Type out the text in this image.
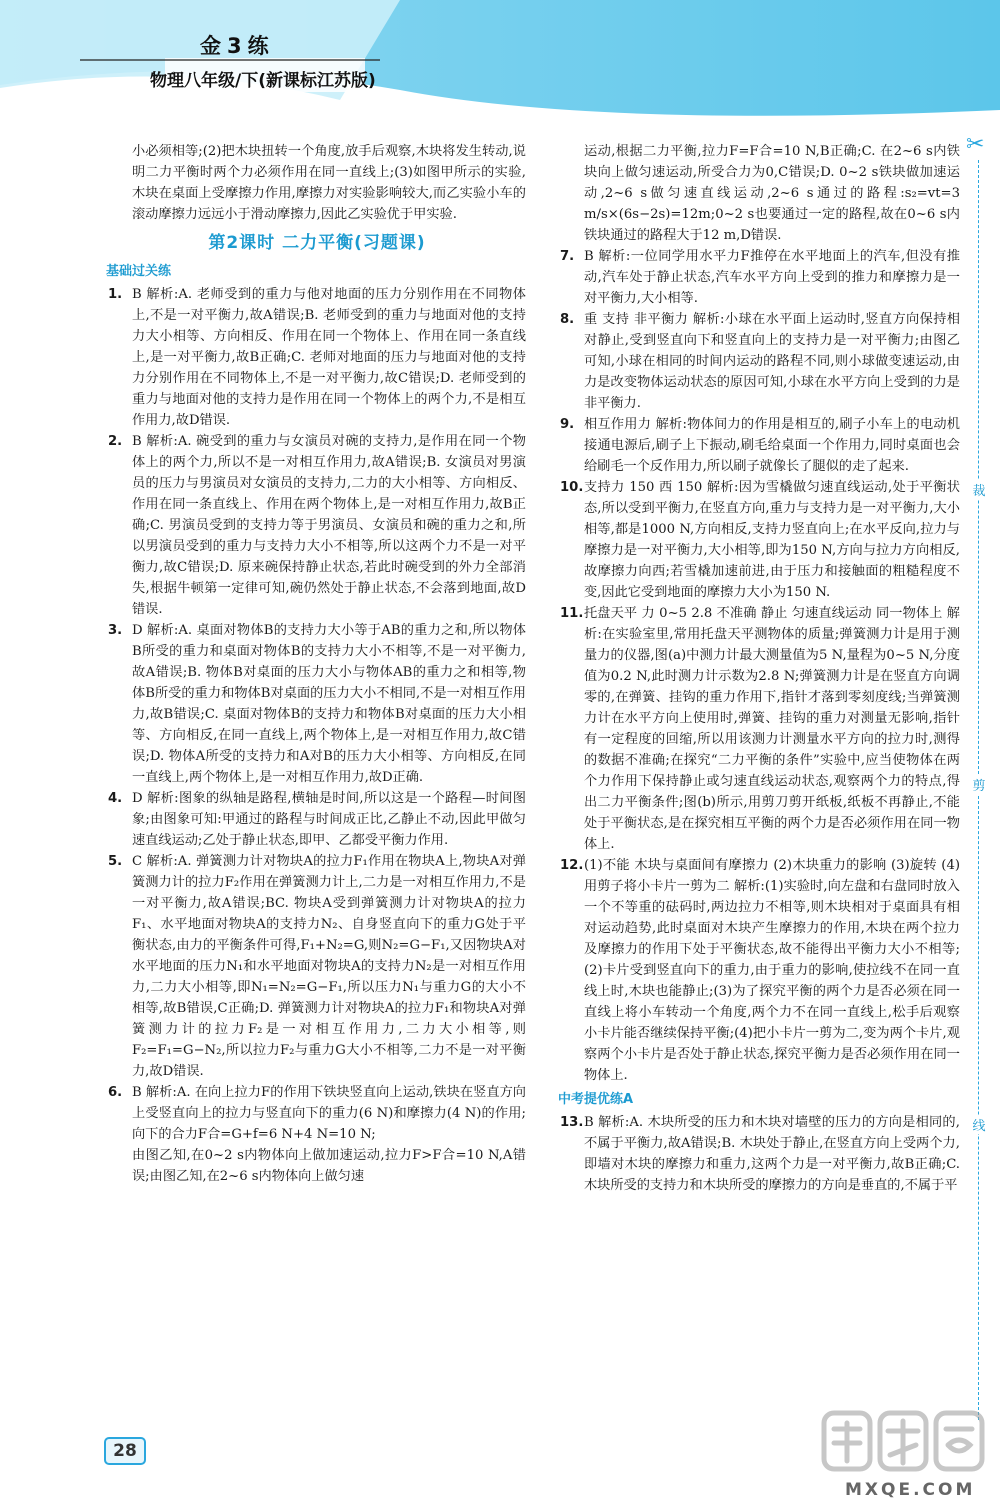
金3练
物理八年级/下(新课标江苏版)

小必须相等;(2)把木块扭转一个角度,放手后观察,木块将发生转动,说明二力平衡时两个力必须作用在同一直线上;(3)如图甲所示的实验,木块在桌面上受摩擦力作用,摩擦力对实验影响较大,而乙实验小车的滚动摩擦力远远小于滑动摩擦力,因此乙实验优于甲实验.

第2课时 二力平衡(习题课)
基础过关练

1. B 解析:A. 老师受到的重力与他对地面的压力分别作用在不同物体上,不是一对平衡力,故A错误;B. 老师受到的重力与地面对他的支持力大小相等、方向相反、作用在同一个物体上、作用在同一条直线上,是一对平衡力,故B正确;C. 老师对地面的压力与地面对他的支持力分别作用在不同物体上,不是一对平衡力,故C错误;D. 老师受到的重力与地面对他的支持力是作用在同一个物体上的两个力,不是相互作用力,故D错误.

2. B 解析:A. 碗受到的重力与女演员对碗的支持力,是作用在同一个物体上的两个力,所以不是一对相互作用力,故A错误;B. 女演员对男演员的压力与男演员对女演员的支持力,二力的大小相等、方向相反、作用在同一条直线上、作用在两个物体上,是一对相互作用力,故B正确;C. 男演员受到的支持力等于男演员、女演员和碗的重力之和,所以男演员受到的重力与支持力大小不相等,所以这两个力不是一对平衡力,故C错误;D. 原来碗保持静止状态,若此时碗受到的外力全部消失,根据牛顿第一定律可知,碗仍然处于静止状态,不会落到地面,故D错误.

3. D 解析:A. 桌面对物体B的支持力大小等于AB的重力之和,所以物体B所受的重力和桌面对物体B的支持力大小不相等,不是一对平衡力,故A错误;B. 物体B对桌面的压力大小与物体AB的重力之和相等,物体B所受的重力和物体B对桌面的压力大小不相同,不是一对相互作用力,故B错误;C. 桌面对物体B的支持力和物体B对桌面的压力大小相等、方向相反,在同一直线上,两个物体上,是一对相互作用力,故C错误;D. 物体A所受的支持力和A对B的压力大小相等、方向相反,在同一直线上,两个物体上,是一对相互作用力,故D正确.

4. D 解析:图象的纵轴是路程,横轴是时间,所以这是一个路程—时间图象;由图象可知:甲通过的路程与时间成正比,乙静止不动,因此甲做匀速直线运动;乙处于静止状态,即甲、乙都受平衡力作用.

5. C 解析:A. 弹簧测力计对物块A的拉力F₁作用在物块A上,物块A对弹簧测力计的拉力F₂作用在弹簧测力计上,二力是一对相互作用力,不是一对平衡力,故A错误;BC. 物块A受到弹簧测力计对物块A的拉力F₁、水平地面对物块A的支持力N₂、自身竖直向下的重力G处于平衡状态,由力的平衡条件可得,F₁+N₂=G,则N₂=G−F₁,又因物块A对水平地面的压力N₁和水平地面对物块A的支持力N₂是一对相互作用力,二力大小相等,即N₁=N₂=G−F₁,所以压力N₁与重力G的大小不相等,故B错误,C正确;D. 弹簧测力计对物块A的拉力F₁和物块A对弹簧测力计的拉力F₂是一对相互作用力,二力大小相等,则F₂=F₁=G−N₂,所以拉力F₂与重力G大小不相等,二力不是一对平衡力,故D错误.

6. B 解析:A. 在向上拉力F的作用下铁块竖直向上运动,铁块在竖直方向上受竖直向上的拉力与竖直向下的重力(6 N)和摩擦力(4 N)的作用;向下的合力F合=G+f=6 N+4 N=10 N;

由图乙知,在0~2 s内物体向上做加速运动,拉力F>F合=10 N,A错误;由图乙知,在2~6 s内物体向上做匀速

运动,根据二力平衡,拉力F=F合=10 N,B正确;C. 在2~6 s内铁块向上做匀速运动,所受合力为0,C错误;D. 0~2 s铁块做加速运动,2~6 s做匀速直线运动,2~6 s通过的路程:s₂=vt=3 m/s×(6s−2s)=12m;0~2 s也要通过一定的路程,故在0~6 s内铁块通过的路程大于12 m,D错误.

7. B 解析:一位同学用水平力F推停在水平地面上的汽车,但没有推动,汽车处于静止状态,汽车水平方向上受到的推力和摩擦力是一对平衡力,大小相等.

8. 重 支持 非平衡力 解析:小球在水平面上运动时,竖直方向保持相对静止,受到竖直向下和竖直向上的支持力是一对平衡力;由图乙可知,小球在相同的时间内运动的路程不同,则小球做变速运动,由力是改变物体运动状态的原因可知,小球在水平方向上受到的力是非平衡力.

9. 相互作用力 解析:物体间力的作用是相互的,刷子小车上的电动机接通电源后,刷子上下振动,刷毛给桌面一个作用力,同时桌面也会给刷毛一个反作用力,所以刷子就像长了腿似的走了起来.

10. 支持力 150 西 150 解析:因为雪橇做匀速直线运动,处于平衡状态,所以受到平衡力,在竖直方向,重力与支持力是一对平衡力,大小相等,都是1000 N,方向相反,支持力竖直向上;在水平反向,拉力与摩擦力是一对平衡力,大小相等,即为150 N,方向与拉力方向相反,故摩擦力向西;若雪橇加速前进,由于压力和接触面的粗糙程度不变,因此它受到地面的摩擦力大小为150 N.

11. 托盘天平 力 0~5 2.8 不准确 静止 匀速直线运动 同一物体上 解析:在实验室里,常用托盘天平测物体的质量;弹簧测力计是用于测量力的仪器,图(a)中测力计最大测量值为5 N,量程为0~5 N,分度值为0.2 N,此时测力计示数为2.8 N;弹簧测力计是在竖直方向调零的,在弹簧、挂钩的重力作用下,指针才落到零刻度线;当弹簧测力计在水平方向上使用时,弹簧、挂钩的重力对测量无影响,指针有一定程度的回缩,所以用该测力计测量水平方向的拉力时,测得的数据不准确;在探究“二力平衡的条件”实验中,应当使物体在两个力作用下保持静止或匀速直线运动状态,观察两个力的特点,得出二力平衡条件;图(b)所示,用剪刀剪开纸板,纸板不再静止,不能处于平衡状态,是在探究相互平衡的两个力是否必须作用在同一物体上.

12. (1)不能 木块与桌面间有摩擦力 (2)木块重力的影响 (3)旋转 (4)用剪子将小卡片一剪为二 解析:(1)实验时,向左盘和右盘同时放入一个不等重的砝码时,两边拉力不相等,则木块相对于桌面具有相对运动趋势,此时桌面对木块产生摩擦力的作用,木块在两个拉力及摩擦力的作用下处于平衡状态,故不能得出平衡力大小不相等;(2)卡片受到竖直向下的重力,由于重力的影响,使拉线不在同一直线上时,木块也能静止;(3)为了探究平衡的两个力是否必须在同一直线上将小车转动一个角度,两个力不在同一直线上,松手后观察小卡片能否继续保持平衡;(4)把小卡片一剪为二,变为两个卡片,观察两个小卡片是否处于静止状态,探究平衡力是否必须作用在同一物体上.

中考提优练A

13. B 解析:A. 木块所受的压力和木块对墙壁的压力的方向是相同的,不属于平衡力,故A错误;B. 木块处于静止,在竖直方向上受两个力,即墙对木块的摩擦力和重力,这两个力是一对平衡力,故B正确;C. 木块所受的支持力和木块所受的摩擦力的方向是垂直的,不属于平

✂
裁
剪
线
28
MXQE.COM
